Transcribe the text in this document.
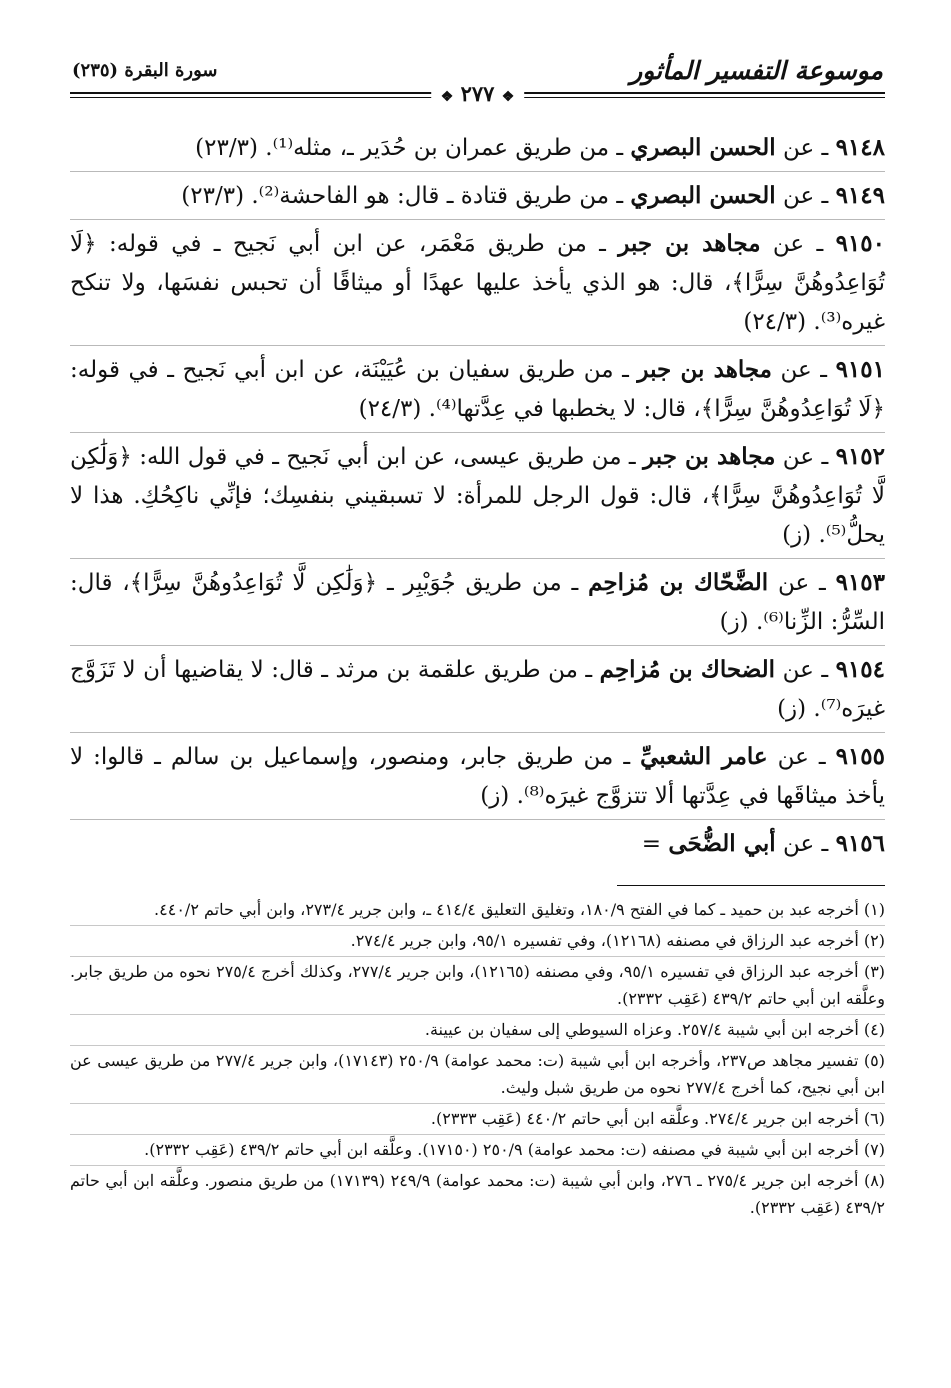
موسوعة التفسير المأثور
سورة البقرة (٢٣٥)
❖ ٢٧٧ ❖

٩١٤٨ ـ عن الحسن البصري ـ من طريق عمران بن حُدَير ـ، مثله⁽¹⁾. (٢٣/٣)

٩١٤٩ ـ عن الحسن البصري ـ من طريق قتادة ـ قال: هو الفاحشة⁽²⁾. (٢٣/٣)

٩١٥٠ ـ عن مجاهد بن جبر ـ من طريق مَعْمَر، عن ابن أبي نَجيح ـ في قوله: ﴿لَا تُوَاعِدُوهُنَّ سِرًّا﴾، قال: هو الذي يأخذ عليها عهدًا أو ميثاقًا أن تحبس نفسَها، ولا تنكح غيره⁽³⁾. (٢٤/٣)

٩١٥١ ـ عن مجاهد بن جبر ـ من طريق سفيان بن عُيَيْنَة، عن ابن أبي نَجيح ـ في قوله: ﴿لَا تُوَاعِدُوهُنَّ سِرًّا﴾، قال: لا يخطبها في عِدَّتها⁽⁴⁾. (٢٤/٣)

٩١٥٢ ـ عن مجاهد بن جبر ـ من طريق عيسى، عن ابن أبي نَجيح ـ في قول الله: ﴿وَلَٰكِن لَّا تُوَاعِدُوهُنَّ سِرًّا﴾، قال: قول الرجل للمرأة: لا تسبقيني بنفسِك؛ فإنِّي ناكِحُكِ. هذا لا يحلُّ⁽⁵⁾. (ز)

٩١٥٣ ـ عن الضَّحّاك بن مُزاحِم ـ من طريق جُوَيْبِر ـ ﴿وَلَٰكِن لَّا تُوَاعِدُوهُنَّ سِرًّا﴾، قال: السِّرُّ: الزِّنا⁽⁶⁾. (ز)

٩١٥٤ ـ عن الضحاك بن مُزاحِم ـ من طريق علقمة بن مرثد ـ قال: لا يقاضيها أن لا تَزَوَّج غيرَه⁽⁷⁾. (ز)

٩١٥٥ ـ عن عامر الشعبيِّ ـ من طريق جابر، ومنصور، وإسماعيل بن سالم ـ قالوا: لا يأخذ ميثاقَها في عِدَّتها ألا تتزوَّج غيرَه⁽⁸⁾. (ز)

٩١٥٦ ـ عن أبي الضُّحَى =

(١) أخرجه عبد بن حميد ـ كما في الفتح ١٨٠/٩، وتغليق التعليق ٤١٤/٤ ـ، وابن جرير ٢٧٣/٤، وابن أبي حاتم ٤٤٠/٢.

(٢) أخرجه عبد الرزاق في مصنفه (١٢١٦٨)، وفي تفسيره ٩٥/١، وابن جرير ٢٧٤/٤.

(٣) أخرجه عبد الرزاق في تفسيره ٩٥/١، وفي مصنفه (١٢١٦٥)، وابن جرير ٢٧٧/٤، وكذلك أخرج ٢٧٥/٤ نحوه من طريق جابر. وعلَّقه ابن أبي حاتم ٤٣٩/٢ (عَقِب ٢٣٣٢).

(٤) أخرجه ابن أبي شيبة ٢٥٧/٤. وعزاه السيوطي إلى سفيان بن عيينة.

(٥) تفسير مجاهد ص٢٣٧، وأخرجه ابن أبي شيبة (ت: محمد عوامة) ٢٥٠/٩ (١٧١٤٣)، وابن جرير ٢٧٧/٤ من طريق عيسى عن ابن أبي نجيح، كما أخرج ٢٧٧/٤ نحوه من طريق شبل وليث.

(٦) أخرجه ابن جرير ٢٧٤/٤. وعلَّقه ابن أبي حاتم ٤٤٠/٢ (عَقِب ٢٣٣٣).

(٧) أخرجه ابن أبي شيبة في مصنفه (ت: محمد عوامة) ٢٥٠/٩ (١٧١٥٠). وعلَّقه ابن أبي حاتم ٤٣٩/٢ (عَقِب ٢٣٣٢).

(٨) أخرجه ابن جرير ٢٧٥/٤ ـ ٢٧٦، وابن أبي شيبة (ت: محمد عوامة) ٢٤٩/٩ (١٧١٣٩) من طريق منصور. وعلَّقه ابن أبي حاتم ٤٣٩/٢ (عَقِب ٢٣٣٢).
